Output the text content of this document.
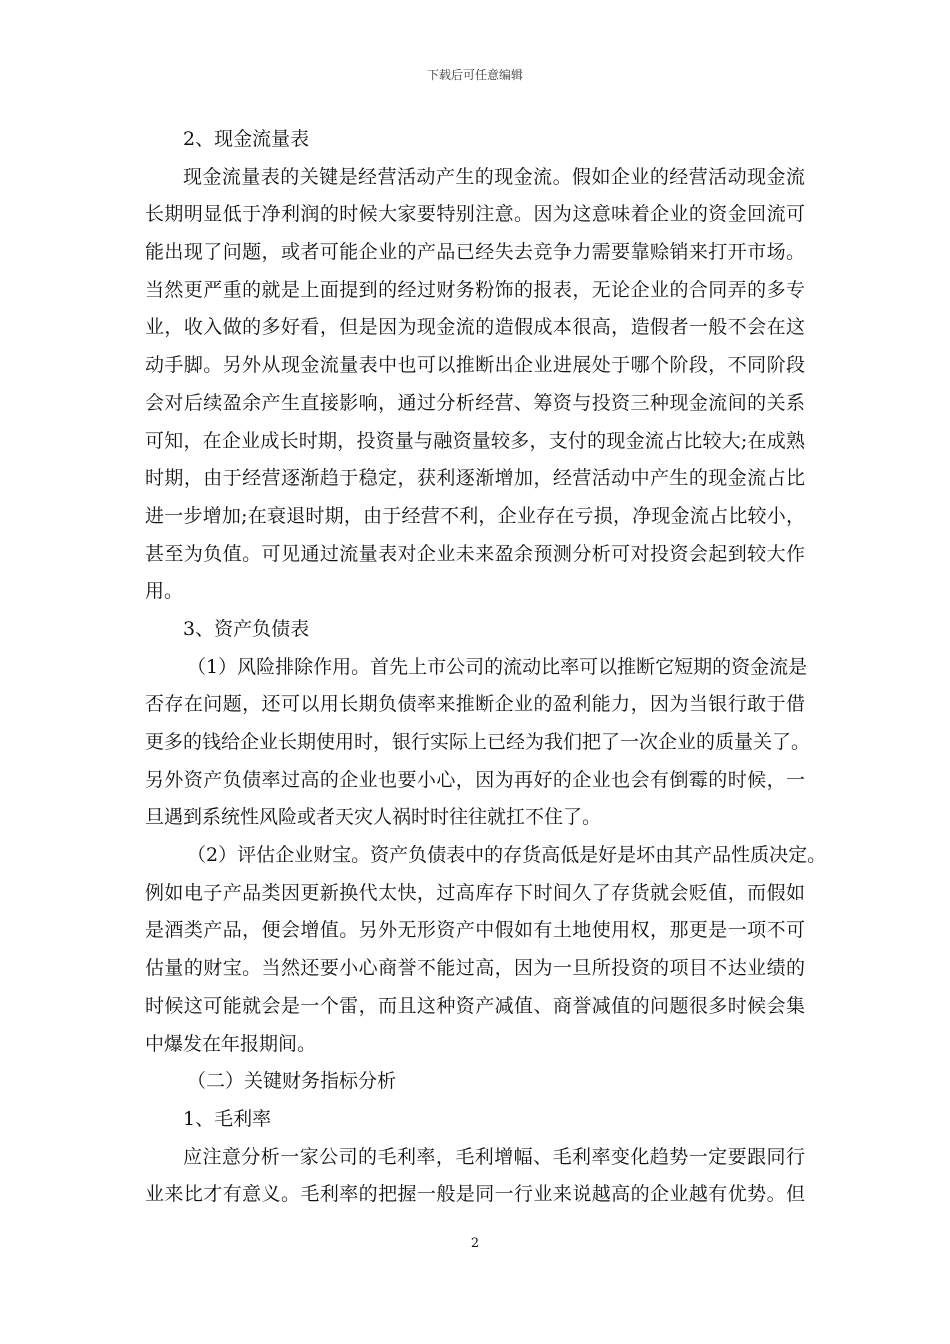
下载后可任意编辑
2、现金流量表
现金流量表的关键是经营活动产生的现金流。假如企业的经营活动现金流
长期明显低于净利润的时候大家要特别注意。因为这意味着企业的资金回流可
能出现了问题，或者可能企业的产品已经失去竞争力需要靠赊销来打开市场。
当然更严重的就是上面提到的经过财务粉饰的报表，无论企业的合同弄的多专
业，收入做的多好看，但是因为现金流的造假成本很高，造假者一般不会在这
动手脚。另外从现金流量表中也可以推断出企业进展处于哪个阶段，不同阶段
会对后续盈余产生直接影响，通过分析经营、筹资与投资三种现金流间的关系
可知，在企业成长时期，投资量与融资量较多，支付的现金流占比较大;在成熟
时期，由于经营逐渐趋于稳定，获利逐渐增加，经营活动中产生的现金流占比
进一步增加;在衰退时期，由于经营不利，企业存在亏损，净现金流占比较小，
甚至为负值。可见通过流量表对企业未来盈余预测分析可对投资会起到较大作
用。
3、资产负债表
（1）风险排除作用。首先上市公司的流动比率可以推断它短期的资金流是
否存在问题，还可以用长期负债率来推断企业的盈利能力，因为当银行敢于借
更多的钱给企业长期使用时，银行实际上已经为我们把了一次企业的质量关了。
另外资产负债率过高的企业也要小心，因为再好的企业也会有倒霉的时候，一
旦遇到系统性风险或者天灾人祸时时往往就扛不住了。
（2）评估企业财宝。资产负债表中的存货高低是好是坏由其产品性质决定。
例如电子产品类因更新换代太快，过高库存下时间久了存货就会贬值，而假如
是酒类产品，便会增值。另外无形资产中假如有土地使用权，那更是一项不可
估量的财宝。当然还要小心商誉不能过高，因为一旦所投资的项目不达业绩的
时候这可能就会是一个雷，而且这种资产减值、商誉减值的问题很多时候会集
中爆发在年报期间。
（二）关键财务指标分析
1、毛利率
应注意分析一家公司的毛利率，毛利增幅、毛利率变化趋势一定要跟同行
业来比才有意义。毛利率的把握一般是同一行业来说越高的企业越有优势。但
2
